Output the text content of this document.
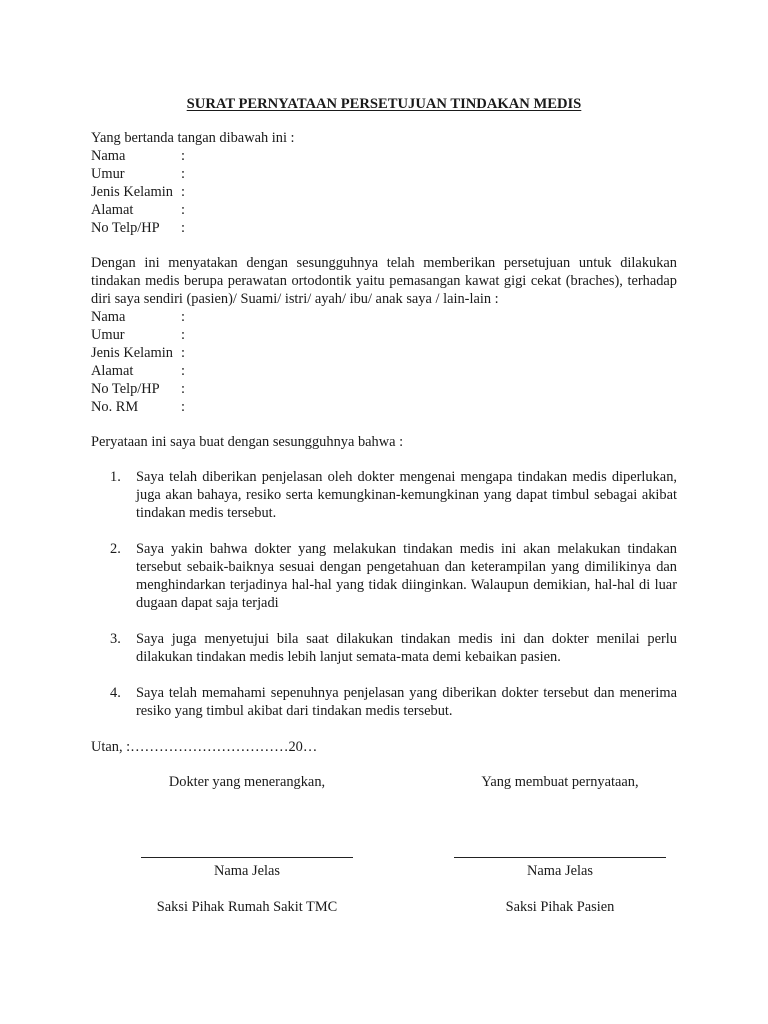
SURAT PERNYATAAN PERSETUJUAN TINDAKAN MEDIS
Yang bertanda tangan dibawah ini :
Nama	:
Umur	:
Jenis Kelamin :
Alamat	:
No Telp/HP	:
Dengan ini menyatakan dengan sesungguhnya telah memberikan persetujuan untuk dilakukan tindakan medis berupa perawatan ortodontik yaitu pemasangan kawat gigi cekat (braches), terhadap diri saya sendiri (pasien)/ Suami/ istri/ ayah/ ibu/ anak saya / lain-lain :
Nama	:
Umur	:
Jenis Kelamin :
Alamat	:
No Telp/HP	:
No. RM	:
Peryataan ini saya buat dengan sesungguhnya bahwa :
1.	Saya telah diberikan penjelasan oleh dokter mengenai mengapa tindakan medis diperlukan, juga akan bahaya, resiko serta kemungkinan-kemungkinan yang dapat timbul sebagai akibat tindakan medis tersebut.
2.	Saya yakin bahwa dokter yang melakukan tindakan medis ini akan melakukan tindakan tersebut sebaik-baiknya sesuai dengan pengetahuan dan keterampilan yang dimilikinya dan menghindarkan terjadinya hal-hal yang tidak diinginkan. Walaupun demikian, hal-hal di luar dugaan dapat saja terjadi
3.	Saya juga menyetujui bila saat dilakukan tindakan medis ini dan dokter menilai perlu dilakukan tindakan medis lebih lanjut semata-mata demi kebaikan pasien.
4.	Saya telah memahami sepenuhnya penjelasan yang diberikan dokter tersebut dan menerima resiko yang timbul akibat dari tindakan medis tersebut.
Utan, :……………………………20…
Dokter yang menerangkan,	Yang membuat pernyataan,
Nama Jelas	Nama Jelas
Saksi Pihak Rumah Sakit TMC	Saksi Pihak Pasien
